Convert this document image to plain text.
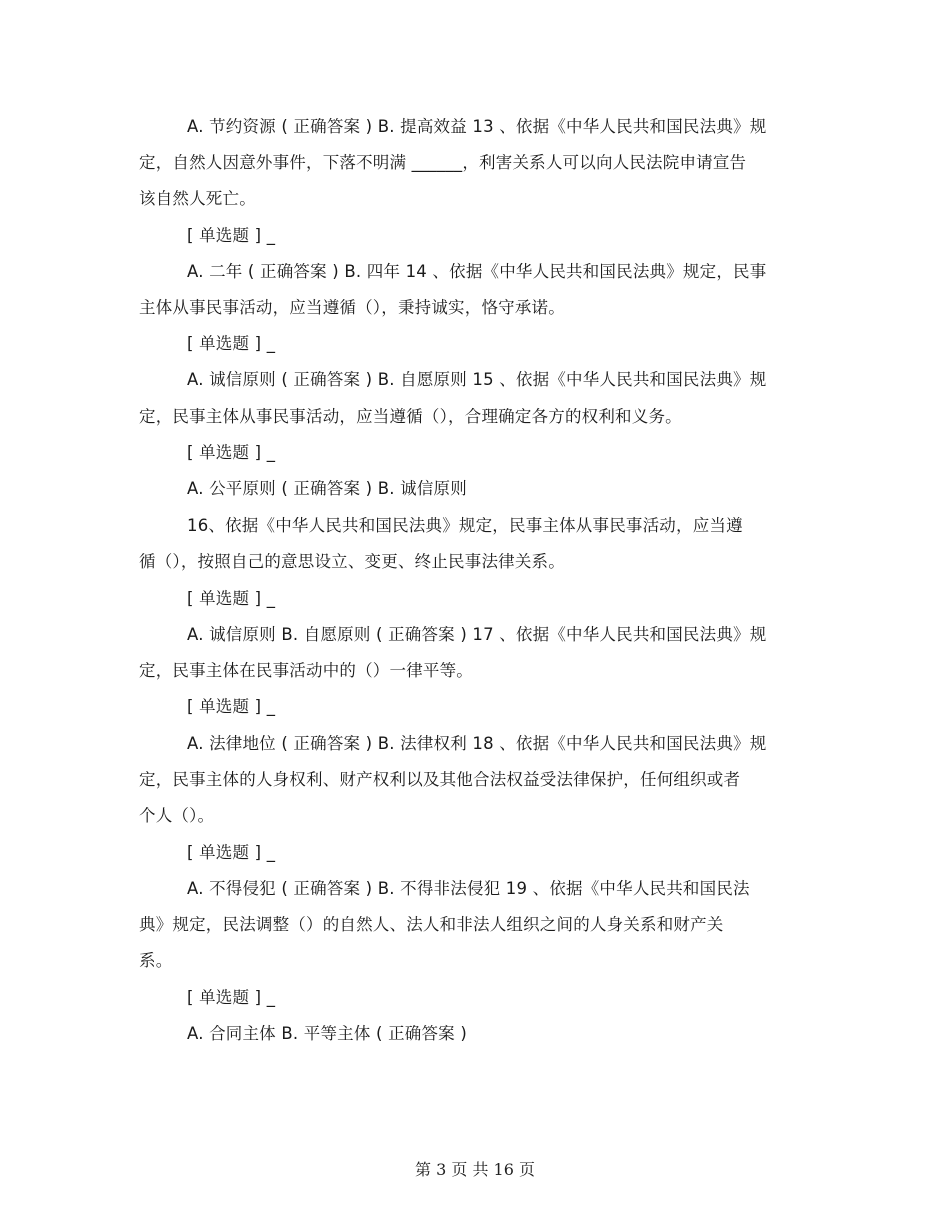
A. 节约资源 ( 正确答案 ) B. 提高效益 13 、依据《中华人民共和国民法典》规
定，自然人因意外事件，下落不明满 ______，利害关系人可以向人民法院申请宣告
该自然人死亡。
[ 单选题 ] _
A. 二年 ( 正确答案 ) B. 四年 14 、依据《中华人民共和国民法典》规定，民事
主体从事民事活动，应当遵循（），秉持诚实，恪守承诺。
[ 单选题 ] _
A. 诚信原则 ( 正确答案 ) B. 自愿原则 15 、依据《中华人民共和国民法典》规
定，民事主体从事民事活动，应当遵循（），合理确定各方的权利和义务。
[ 单选题 ] _
A. 公平原则 ( 正确答案 ) B. 诚信原则
16、依据《中华人民共和国民法典》规定，民事主体从事民事活动，应当遵
循（），按照自己的意思设立、变更、终止民事法律关系。
[ 单选题 ] _
A. 诚信原则 B. 自愿原则 ( 正确答案 ) 17 、依据《中华人民共和国民法典》规
定，民事主体在民事活动中的（）一律平等。
[ 单选题 ] _
A. 法律地位 ( 正确答案 ) B. 法律权利 18 、依据《中华人民共和国民法典》规
定，民事主体的人身权利、财产权利以及其他合法权益受法律保护，任何组织或者
个人（）。
[ 单选题 ] _
A. 不得侵犯 ( 正确答案 ) B. 不得非法侵犯 19 、依据《中华人民共和国民法
典》规定，民法调整（）的自然人、法人和非法人组织之间的人身关系和财产关
系。
[ 单选题 ] _
A. 合同主体 B. 平等主体 ( 正确答案 )
第 3 页 共 16 页
